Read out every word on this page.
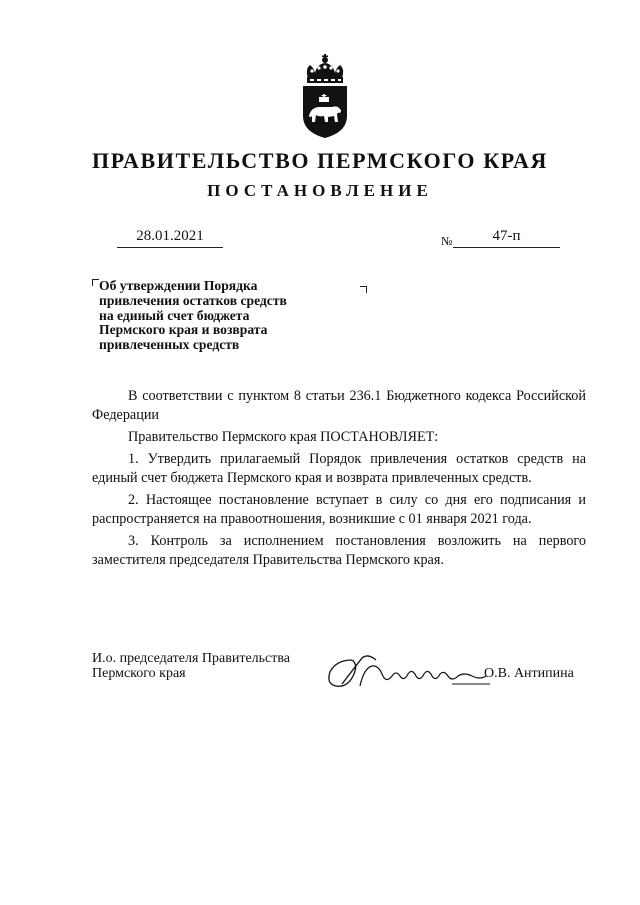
ПРАВИТЕЛЬСТВО ПЕРМСКОГО КРАЯ
ПОСТАНОВЛЕНИЕ
28.01.2021	№	47-п
Об утверждении Порядка
привлечения остатков средств
на единый счет бюджета
Пермского края и возврата
привлеченных средств

В соответствии с пунктом 8 статьи 236.1 Бюджетного кодекса Российской Федерации

Правительство Пермского края ПОСТАНОВЛЯЕТ:

1. Утвердить прилагаемый Порядок привлечения остатков средств на единый счет бюджета Пермского края и возврата привлеченных средств.

2. Настоящее постановление вступает в силу со дня его подписания и распространяется на правоотношения, возникшие с 01 января 2021 года.

3. Контроль за исполнением постановления возложить на первого заместителя председателя Правительства Пермского края.

И.о. председателя Правительства
Пермского края	О.В. Антипина
